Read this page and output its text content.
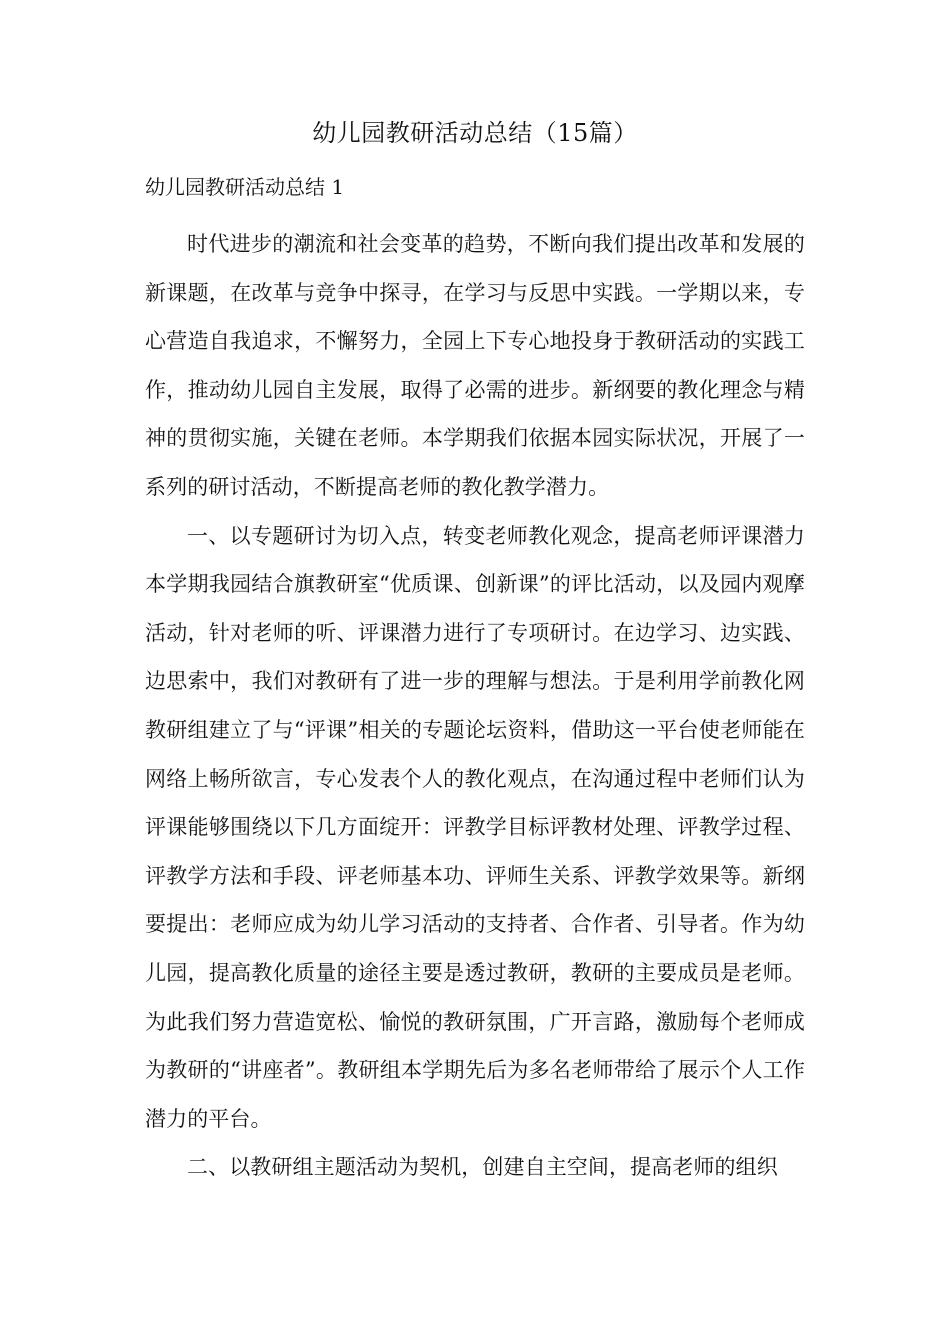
幼儿园教研活动总结（15篇）
幼儿园教研活动总结 1

时代进步的潮流和社会变革的趋势，不断向我们提出改革和发展的新课题，在改革与竞争中探寻，在学习与反思中实践。一学期以来，专心营造自我追求，不懈努力，全园上下专心地投身于教研活动的实践工作，推动幼儿园自主发展，取得了必需的进步。新纲要的教化理念与精神的贯彻实施，关键在老师。本学期我们依据本园实际状况，开展了一系列的研讨活动，不断提高老师的教化教学潜力。

一、以专题研讨为切入点，转变老师教化观念，提高老师评课潜力本学期我园结合旗教研室“优质课、创新课”的评比活动，以及园内观摩活动，针对老师的听、评课潜力进行了专项研讨。在边学习、边实践、边思索中，我们对教研有了进一步的理解与想法。于是利用学前教化网教研组建立了与“评课”相关的专题论坛资料，借助这一平台使老师能在网络上畅所欲言，专心发表个人的教化观点，在沟通过程中老师们认为评课能够围绕以下几方面绽开：评教学目标评教材处理、评教学过程、评教学方法和手段、评老师基本功、评师生关系、评教学效果等。新纲要提出：老师应成为幼儿学习活动的支持者、合作者、引导者。作为幼儿园，提高教化质量的途径主要是透过教研，教研的主要成员是老师。为此我们努力营造宽松、愉悦的教研氛围，广开言路，激励每个老师成为教研的“讲座者”。教研组本学期先后为多名老师带给了展示个人工作潜力的平台。

二、以教研组主题活动为契机，创建自主空间，提高老师的组织
